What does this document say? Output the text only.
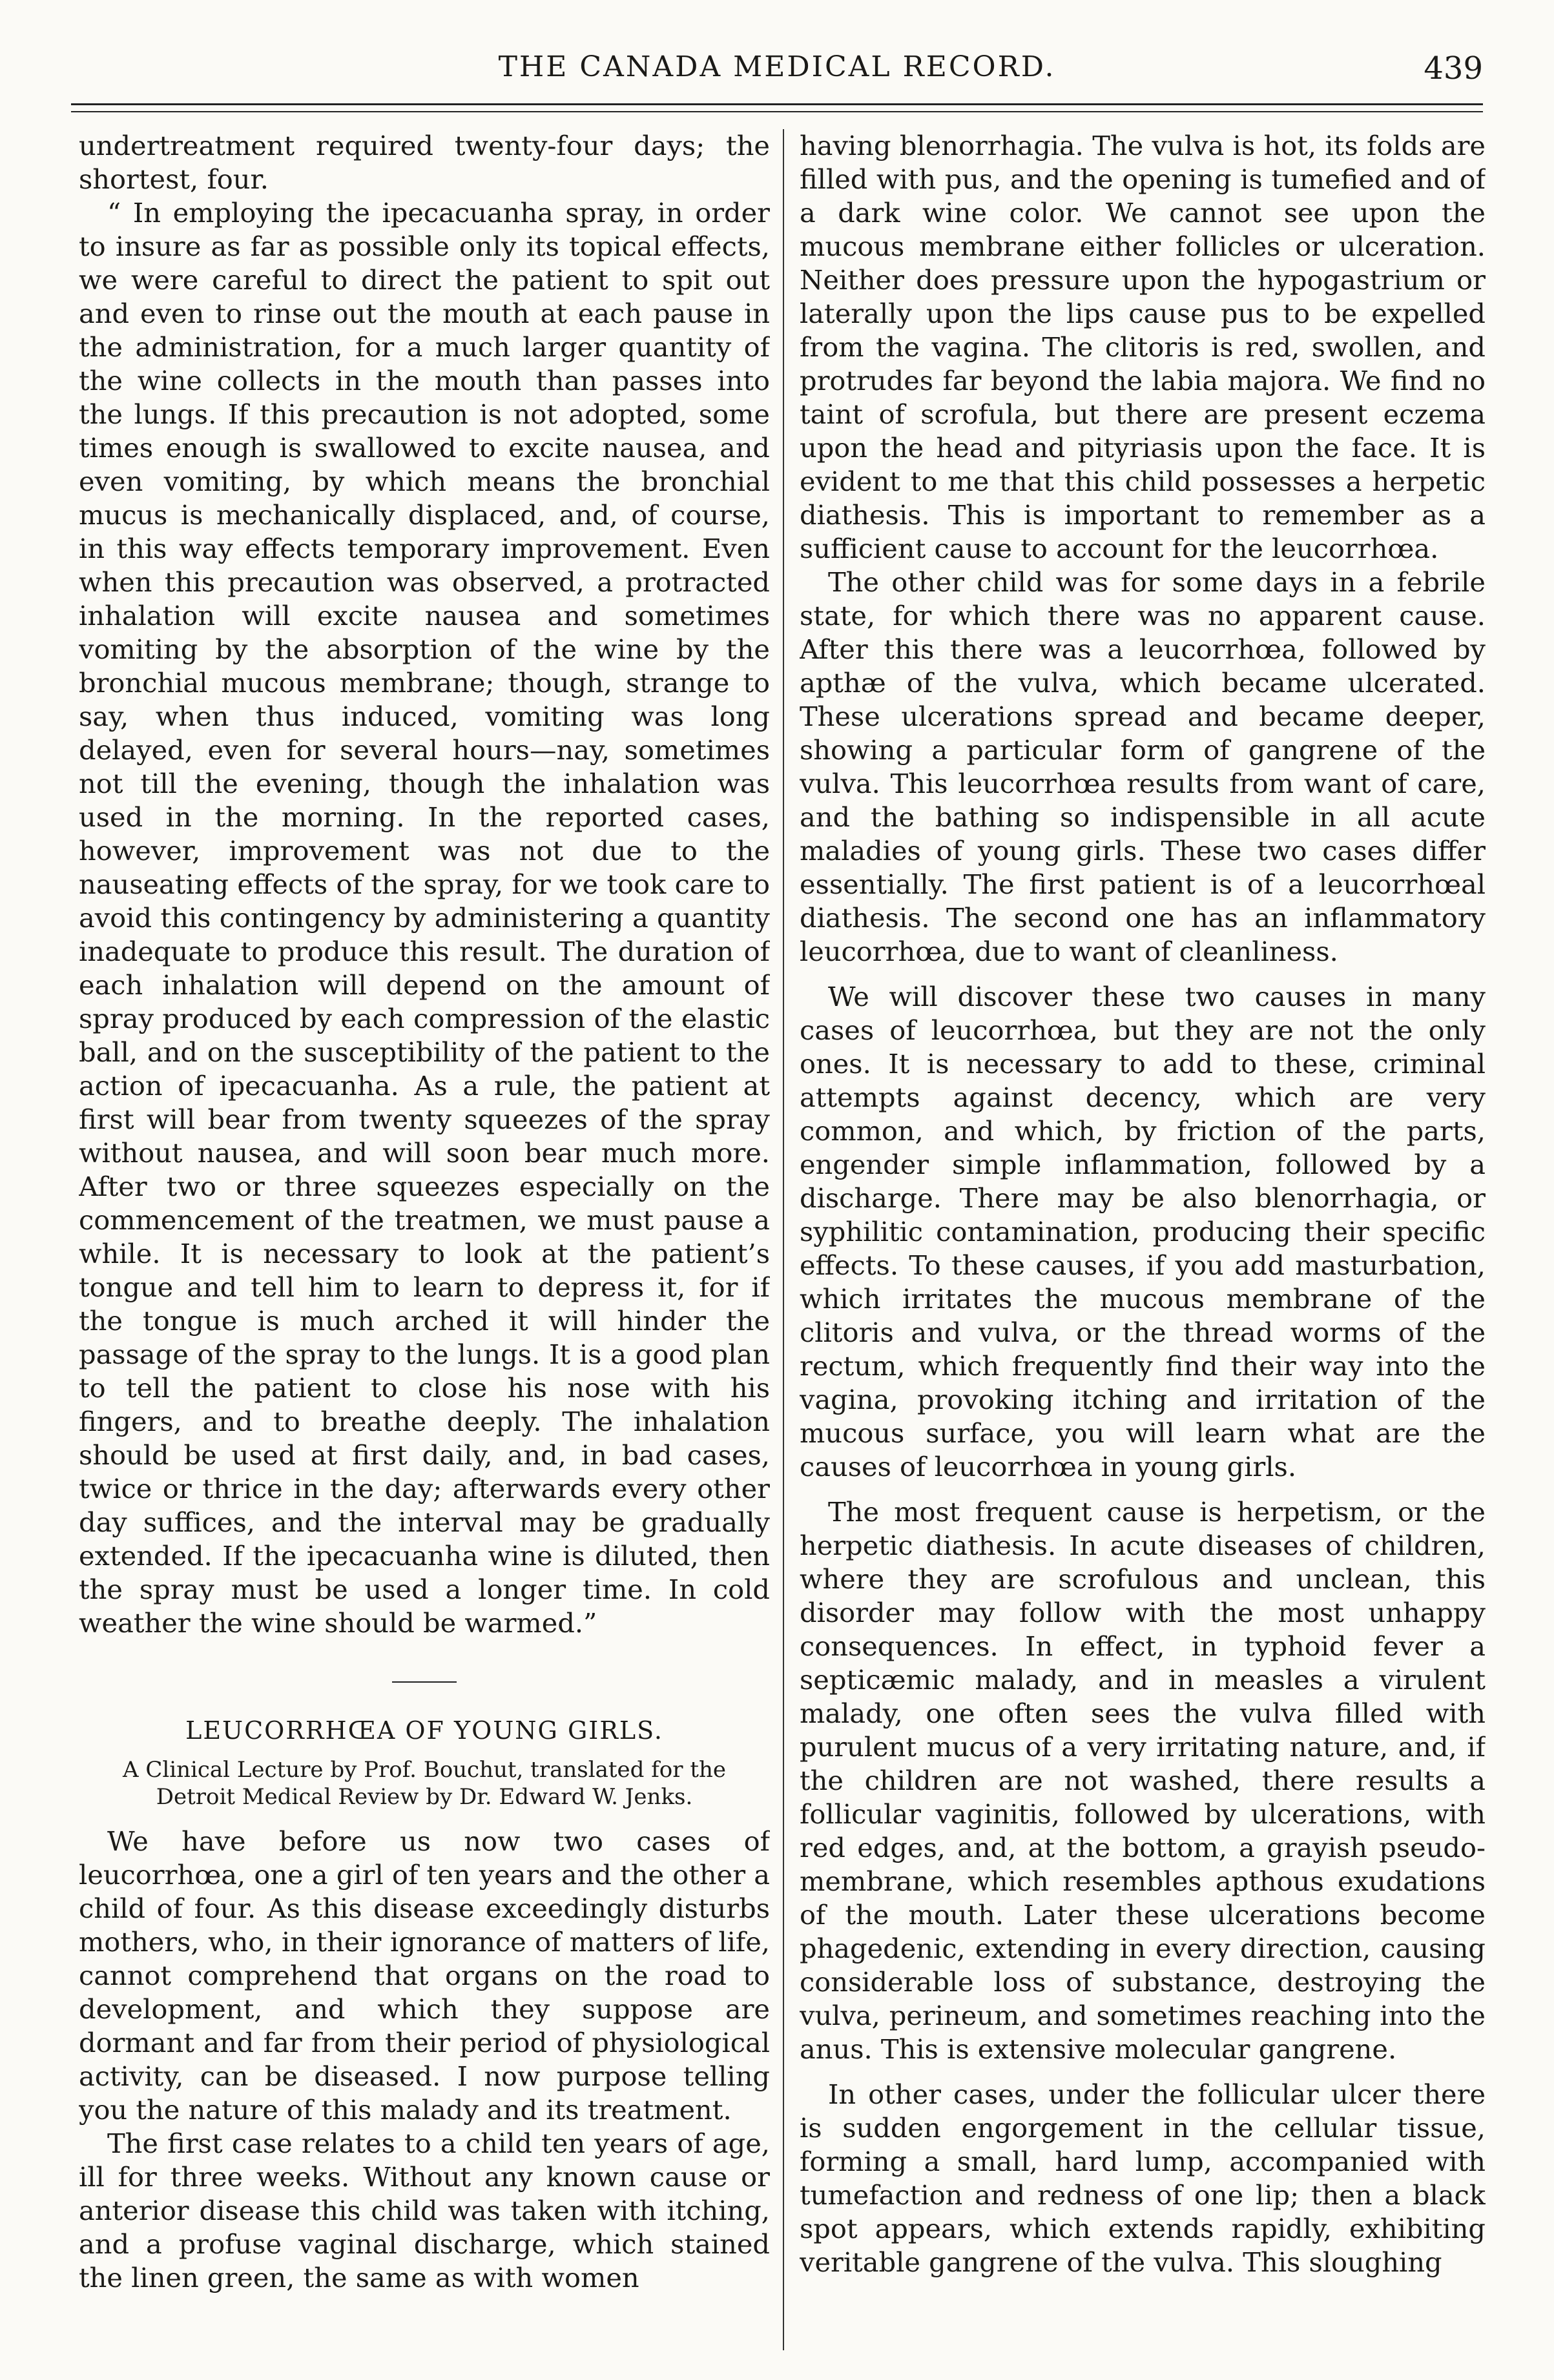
THE CANADA MEDICAL RECORD.	439

undertreatment required twenty-four days; the shortest, four.

“ In employing the ipecacuanha spray, in order to insure as far as possible only its topical effects, we were careful to direct the patient to spit out and even to rinse out the mouth at each pause in the administration, for a much larger quantity of the wine collects in the mouth than passes into the lungs. If this precaution is not adopted, some times enough is swallowed to excite nausea, and even vomiting, by which means the bronchial mucus is mechanically displaced, and, of course, in this way effects temporary improvement. Even when this precaution was observed, a protracted inhalation will excite nausea and sometimes vomiting by the absorption of the wine by the bronchial mucous membrane; though, strange to say, when thus induced, vomiting was long delayed, even for several hours—nay, sometimes not till the evening, though the inhalation was used in the morning. In the reported cases, however, improvement was not due to the nauseating effects of the spray, for we took care to avoid this contingency by administering a quantity inadequate to produce this result. The duration of each inhalation will depend on the amount of spray produced by each compression of the elastic ball, and on the susceptibility of the patient to the action of ipecacuanha. As a rule, the patient at first will bear from twenty squeezes of the spray without nausea, and will soon bear much more. After two or three squeezes especially on the commencement of the treatmen, we must pause a while. It is necessary to look at the patient’s tongue and tell him to learn to depress it, for if the tongue is much arched it will hinder the passage of the spray to the lungs. It is a good plan to tell the patient to close his nose with his fingers, and to breathe deeply. The inhalation should be used at first daily, and, in bad cases, twice or thrice in the day; afterwards every other day suffices, and the interval may be gradually extended. If the ipecacuanha wine is diluted, then the spray must be used a longer time. In cold weather the wine should be warmed.”

LEUCORRHŒA OF YOUNG GIRLS.
A Clinical Lecture by Prof. Bouchut, translated for the Detroit Medical Review by Dr. Edward W. Jenks.

We have before us now two cases of leucorrhœa, one a girl of ten years and the other a child of four. As this disease exceedingly disturbs mothers, who, in their ignorance of matters of life, cannot comprehend that organs on the road to development, and which they suppose are dormant and far from their period of physiological activity, can be diseased. I now purpose telling you the nature of this malady and its treatment.

The first case relates to a child ten years of age, ill for three weeks. Without any known cause or anterior disease this child was taken with itching, and a profuse vaginal discharge, which stained the linen green, the same as with women

having blenorrhagia. The vulva is hot, its folds are filled with pus, and the opening is tumefied and of a dark wine color. We cannot see upon the mucous membrane either follicles or ulceration. Neither does pressure upon the hypogastrium or laterally upon the lips cause pus to be expelled from the vagina. The clitoris is red, swollen, and protrudes far beyond the labia majora. We find no taint of scrofula, but there are present eczema upon the head and pityriasis upon the face. It is evident to me that this child possesses a herpetic diathesis. This is important to remember as a sufficient cause to account for the leucorrhœa.

The other child was for some days in a febrile state, for which there was no apparent cause. After this there was a leucorrhœa, followed by apthæ of the vulva, which became ulcerated. These ulcerations spread and became deeper, showing a particular form of gangrene of the vulva. This leucorrhœa results from want of care, and the bathing so indispensible in all acute maladies of young girls. These two cases differ essentially. The first patient is of a leucorrhœal diathesis. The second one has an inflammatory leucorrhœa, due to want of cleanliness.

We will discover these two causes in many cases of leucorrhœa, but they are not the only ones. It is necessary to add to these, criminal attempts against decency, which are very common, and which, by friction of the parts, engender simple inflammation, followed by a discharge. There may be also blenorrhagia, or syphilitic contamination, producing their specific effects. To these causes, if you add masturbation, which irritates the mucous membrane of the clitoris and vulva, or the thread worms of the rectum, which frequently find their way into the vagina, provoking itching and irritation of the mucous surface, you will learn what are the causes of leucorrhœa in young girls.

The most frequent cause is herpetism, or the herpetic diathesis. In acute diseases of children, where they are scrofulous and unclean, this disorder may follow with the most unhappy consequences. In effect, in typhoid fever a septicæmic malady, and in measles a virulent malady, one often sees the vulva filled with purulent mucus of a very irritating nature, and, if the children are not washed, there results a follicular vaginitis, followed by ulcerations, with red edges, and, at the bottom, a grayish pseudo-membrane, which resembles apthous exudations of the mouth. Later these ulcerations become phagedenic, extending in every direction, causing considerable loss of substance, destroying the vulva, perineum, and sometimes reaching into the anus. This is extensive molecular gangrene.

In other cases, under the follicular ulcer there is sudden engorgement in the cellular tissue, forming a small, hard lump, accompanied with tumefaction and redness of one lip; then a black spot appears, which extends rapidly, exhibiting veritable gangrene of the vulva. This sloughing
